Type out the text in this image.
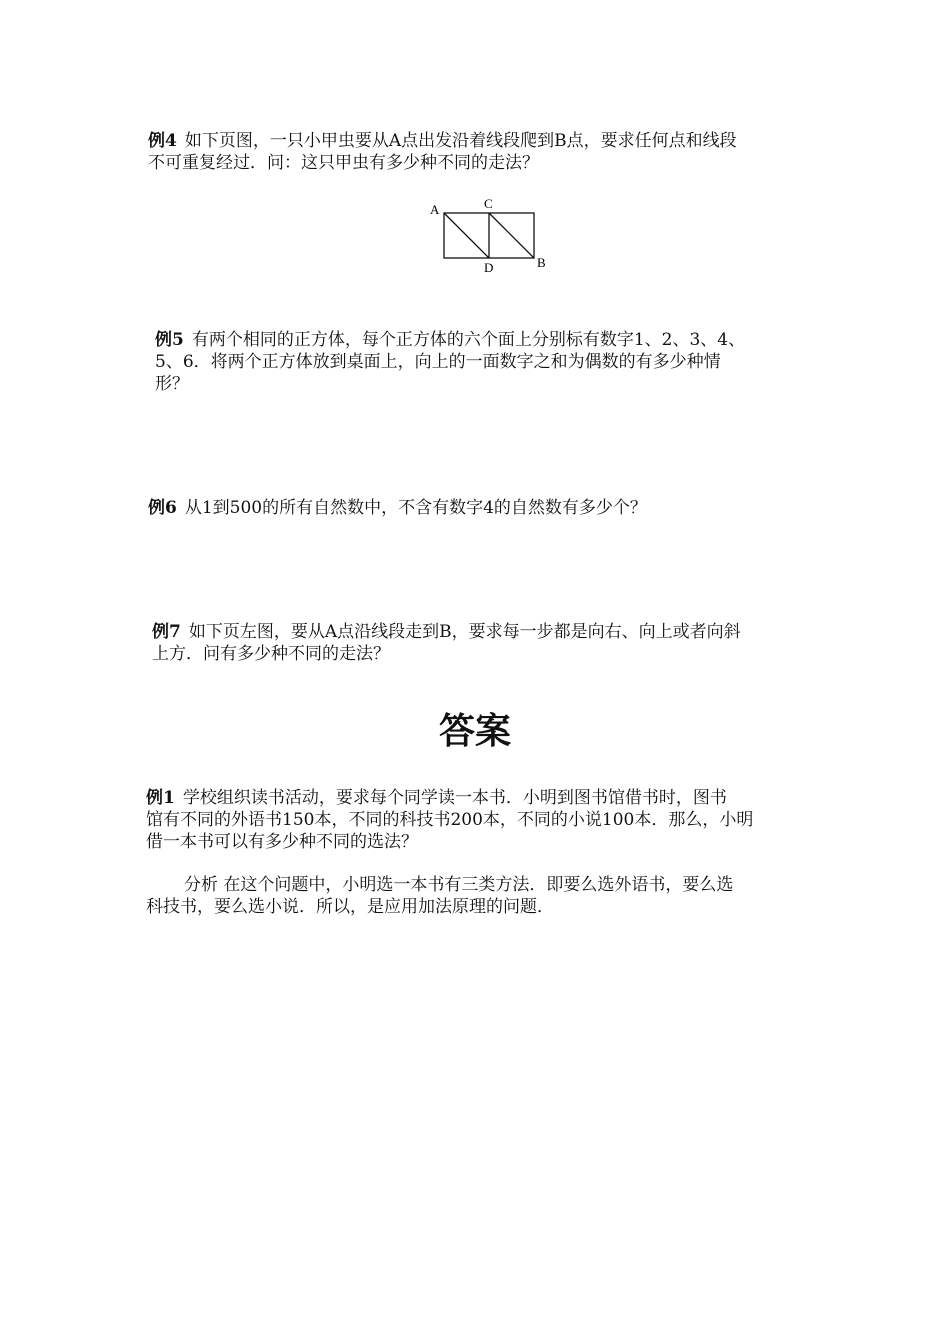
例4 如下页图，一只小甲虫要从A点出发沿着线段爬到B点，要求任何点和线段
不可重复经过．问：这只甲虫有多少种不同的走法？
A	C
D	B
例5 有两个相同的正方体，每个正方体的六个面上分别标有数字1、2、3、4、
5、6．将两个正方体放到桌面上，向上的一面数字之和为偶数的有多少种情
形？
例6 从1到500的所有自然数中，不含有数字4的自然数有多少个？
例7 如下页左图，要从A点沿线段走到B，要求每一步都是向右、向上或者向斜
上方．问有多少种不同的走法？
答案
例1 学校组织读书活动，要求每个同学读一本书．小明到图书馆借书时，图书
馆有不同的外语书150本，不同的科技书200本，不同的小说100本．那么，小明
借一本书可以有多少种不同的选法？
分析 在这个问题中，小明选一本书有三类方法．即要么选外语书，要么选
科技书，要么选小说．所以，是应用加法原理的问题．
